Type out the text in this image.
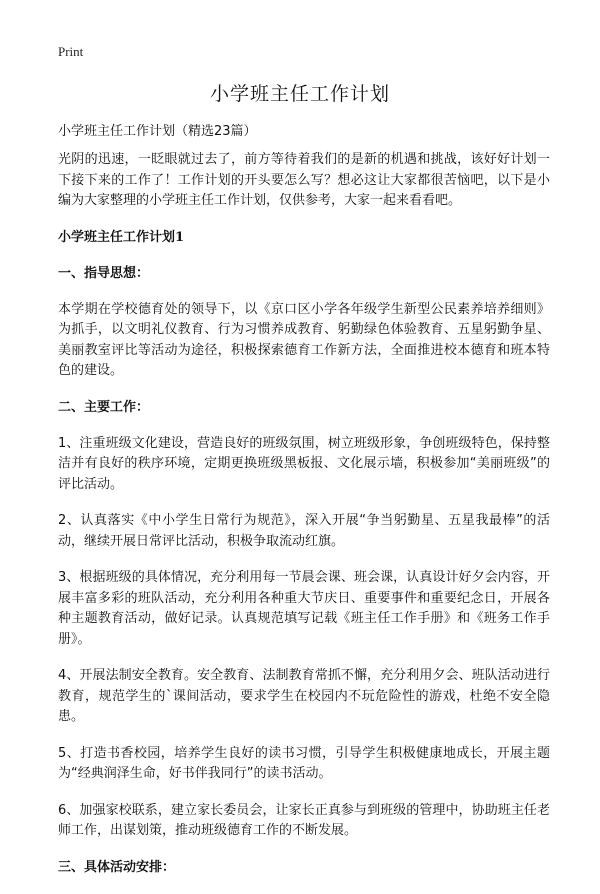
Print
小学班主任工作计划

小学班主任工作计划（精选23篇）

光阴的迅速，一眨眼就过去了，前方等待着我们的是新的机遇和挑战，该好好计划一下接下来的工作了！工作计划的开头要怎么写？想必这让大家都很苦恼吧，以下是小编为大家整理的小学班主任工作计划，仅供参考，大家一起来看看吧。

小学班主任工作计划1

一、指导思想：

本学期在学校德育处的领导下，以《京口区小学各年级学生新型公民素养培养细则》为抓手，以文明礼仪教育、行为习惯养成教育、躬勤绿色体验教育、五星躬勤争星、美丽教室评比等活动为途径，积极探索德育工作新方法，全面推进校本德育和班本特色的建设。

二、主要工作：

1、注重班级文化建设，营造良好的班级氛围，树立班级形象，争创班级特色，保持整洁并有良好的秩序环境，定期更换班级黑板报、文化展示墙，积极参加“美丽班级”的评比活动。

2、认真落实《中小学生日常行为规范》，深入开展“争当躬勤星、五星我最棒”的活动，继续开展日常评比活动，积极争取流动红旗。

3、根据班级的具体情况，充分利用每一节晨会课、班会课，认真设计好夕会内容，开展丰富多彩的班队活动，充分利用各种重大节庆日、重要事件和重要纪念日，开展各种主题教育活动，做好记录。认真规范填写记载《班主任工作手册》和《班务工作手册》。

4、开展法制安全教育。安全教育、法制教育常抓不懈，充分利用夕会、班队活动进行教育，规范学生的`课间活动，要求学生在校园内不玩危险性的游戏，杜绝不安全隐患。

5、打造书香校园，培养学生良好的读书习惯，引导学生积极健康地成长，开展主题为“经典润泽生命，好书伴我同行”的读书活动。

6、加强家校联系，建立家长委员会，让家长正真参与到班级的管理中，协助班主任老师工作，出谋划策，推动班级德育工作的不断发展。

三、具体活动安排：
